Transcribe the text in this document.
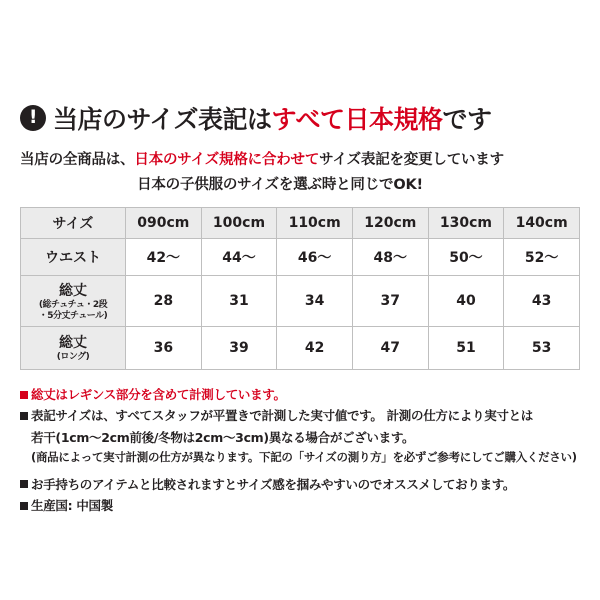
! 当店のサイズ表記は すべて日本規格 です
当店の全商品は、日本のサイズ規格に合わせてサイズ表記を変更しています
日本の子供服のサイズを選ぶ時と同じでOK!
サイズ	090cm	100cm	110cm	120cm	130cm	140cm
ウエスト	42〜	44〜	46〜	48〜	50〜	52〜
総丈
(総チュチュ・2段
・5分丈チュール)	28	31	34	37	40	43
総丈
(ロング)	36	39	42	47	51	53
総丈はレギンス部分を含めて計測しています。
表記サイズは、すべてスタッフが平置きで計測した実寸値です。 計測の仕方により実寸とは
若干(1cm〜2cm前後/冬物は2cm〜3cm)異なる場合がございます。
(商品によって実寸計測の仕方が異なります。下記の「サイズの測り方」を必ずご参考にしてご購入ください)
お手持ちのアイテムと比較されますとサイズ感を掴みやすいのでオススメしております。
生産国: 中国製
